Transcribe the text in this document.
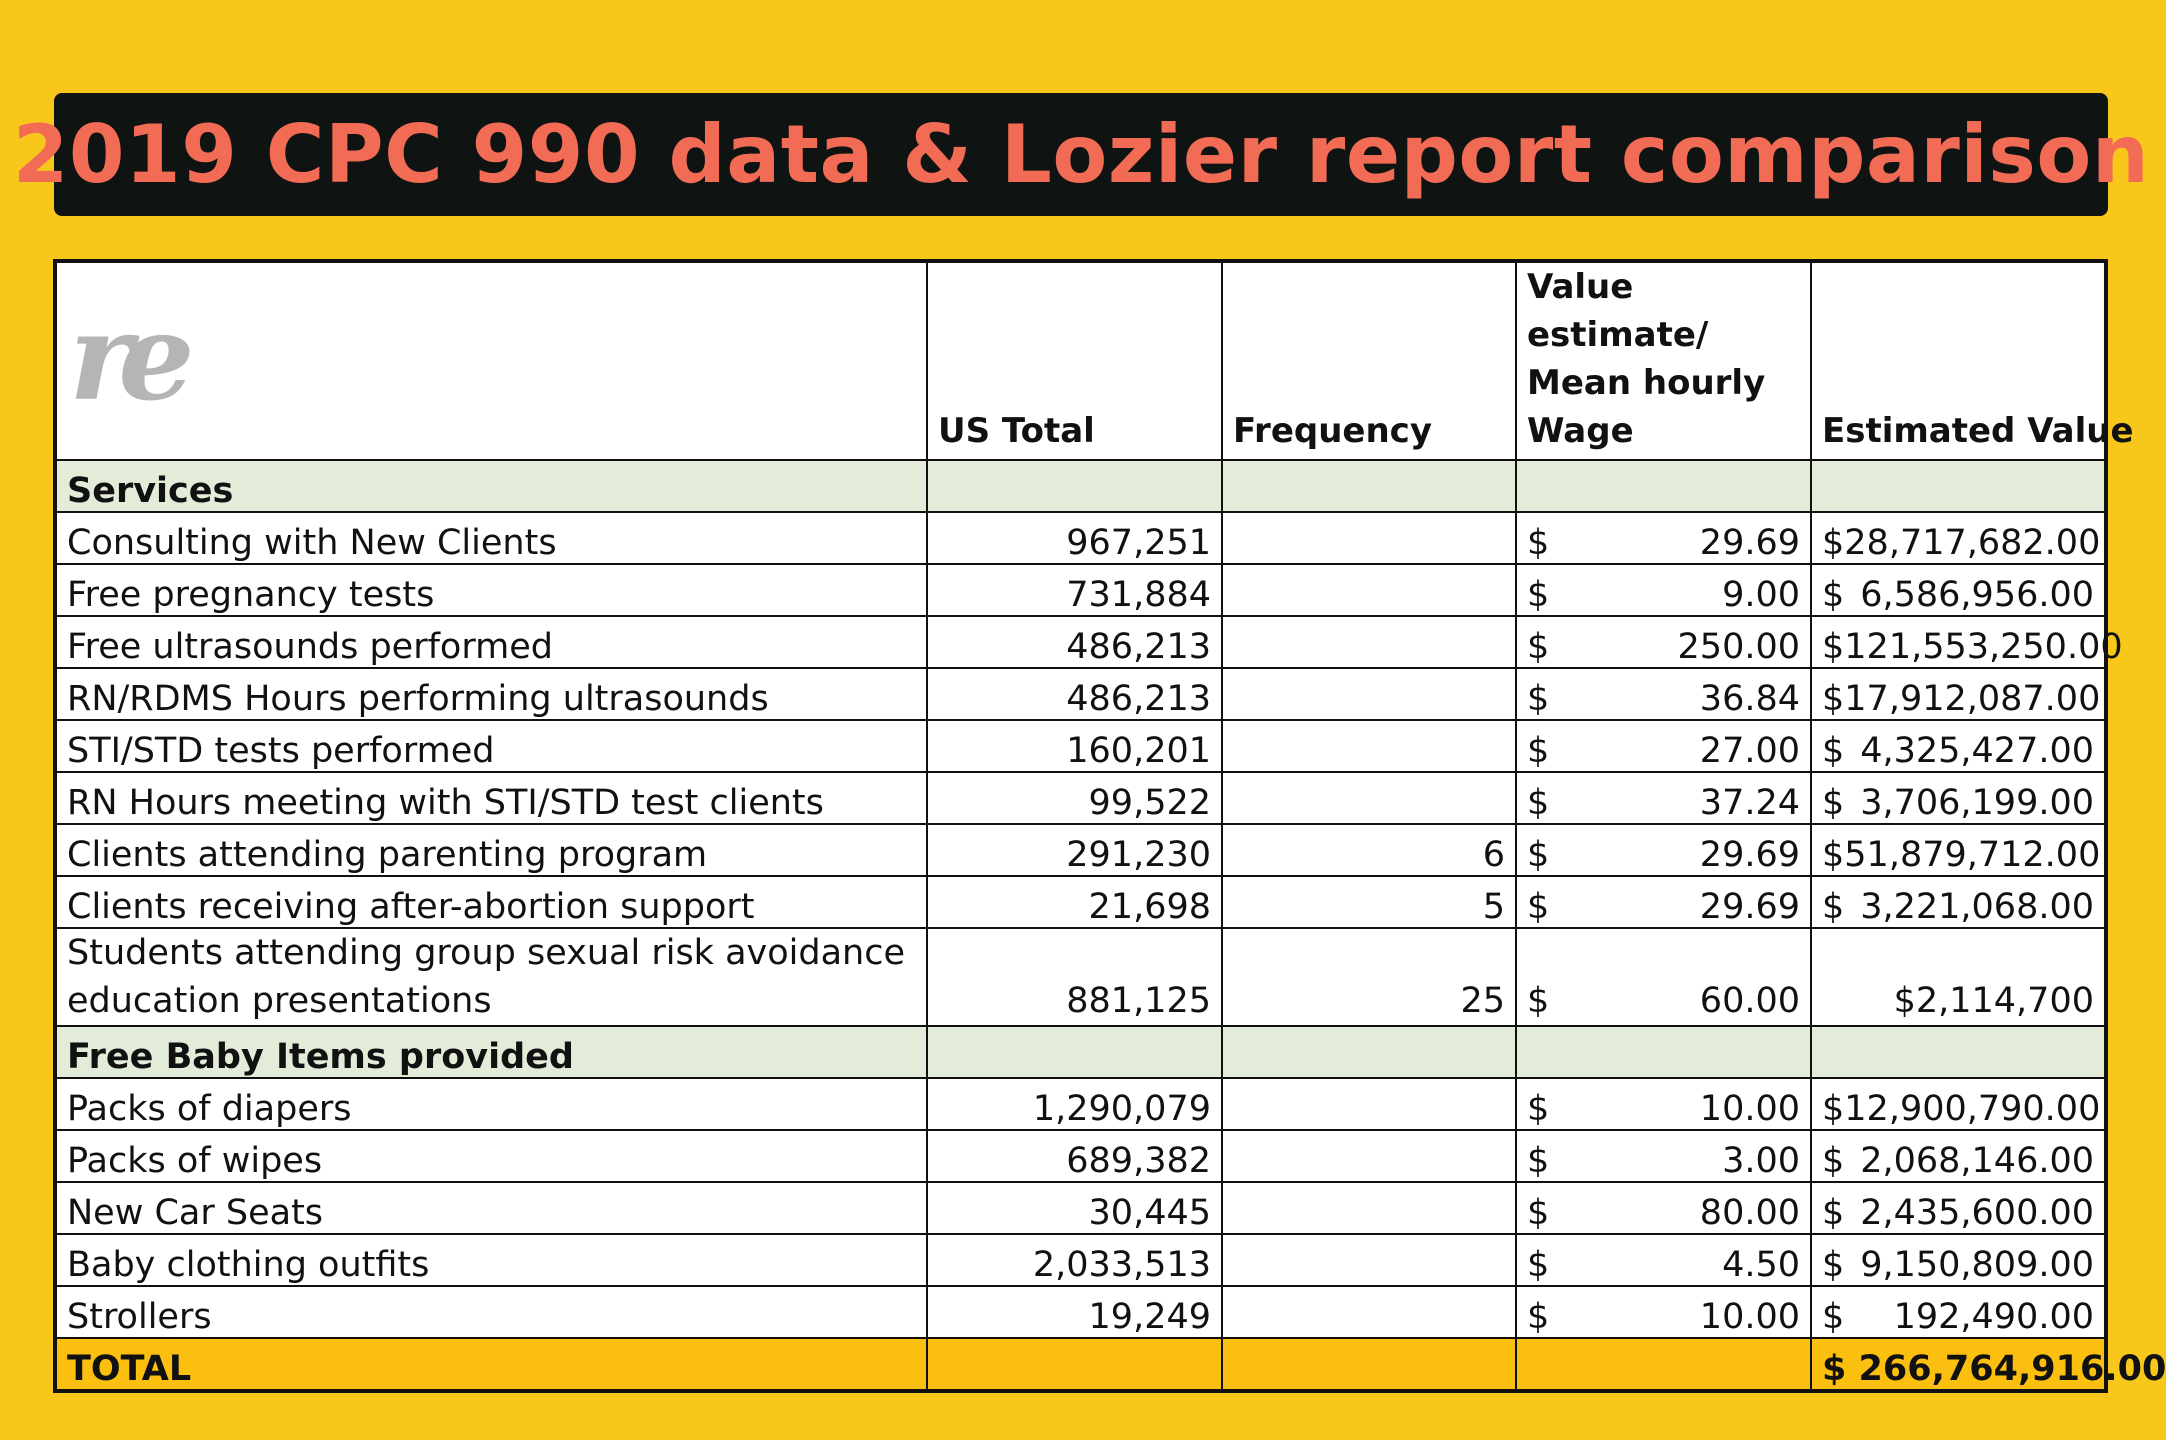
2019 CPC 990 data & Lozier report comparison
re	US Total	Frequency	Value estimate/ Mean hourly Wage	Estimated Value
Services				
Consulting with New Clients	967,251		$ 29.69	$ 28,717,682.00

Free pregnancy tests	731,884		$ 9.00	$ 6,586,956.00

Free ultrasounds performed	486,213		$ 250.00	$ 121,553,250.00

RN/RDMS Hours performing ultrasounds	486,213		$ 36.84	$ 17,912,087.00

STI/STD tests performed	160,201		$ 27.00	$ 4,325,427.00

RN Hours meeting with STI/STD test clients	99,522		$ 37.24	$ 3,706,199.00

Clients attending parenting program	291,230	6	$ 29.69	$ 51,879,712.00

Clients receiving after-abortion support	21,698	5	$ 29.69	$ 3,221,068.00

Students attending group sexual risk avoidance education presentations	881,125	25	$ 60.00	$2,114,700

Free Baby Items provided				
Packs of diapers	1,290,079		$ 10.00	$ 12,900,790.00

Packs of wipes	689,382		$ 3.00	$ 2,068,146.00

New Car Seats	30,445		$ 80.00	$ 2,435,600.00

Baby clothing outfits	2,033,513		$ 4.50	$ 9,150,809.00

Strollers	19,249		$ 10.00	$ 192,490.00

TOTAL				$ 266,764,916.00
